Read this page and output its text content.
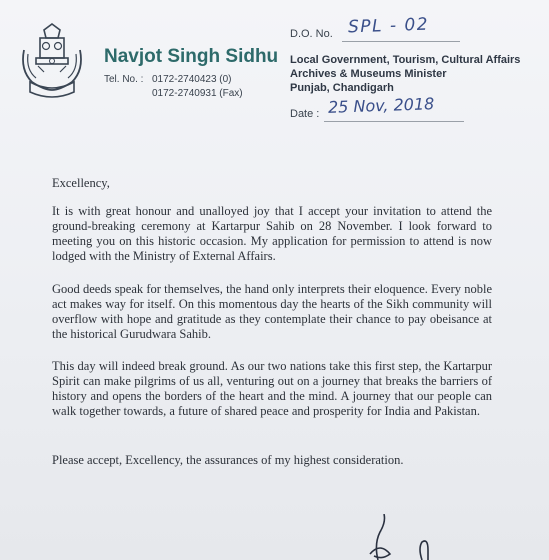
Navjot Singh Sidhu
Tel. No. : 0172-2740423 (0)
0172-2740931 (Fax)
D.O. No. SPL - 02
Local Government, Tourism, Cultural Affairs
Archives & Museums Minister
Punjab, Chandigarh
Date : 25 Nov, 2018
Excellency,

It is with great honour and unalloyed joy that I accept your invitation to attend the ground-breaking ceremony at Kartarpur Sahib on 28 November. I look forward to meeting you on this historic occasion. My application for permission to attend is now lodged with the Ministry of External Affairs.

Good deeds speak for themselves, the hand only interprets their eloquence. Every noble act makes way for itself. On this momentous day the hearts of the Sikh community will overflow with hope and gratitude as they contemplate their chance to pay obeisance at the historical Gurudwara Sahib.

This day will indeed break ground. As our two nations take this first step, the Kartarpur Spirit can make pilgrims of us all, venturing out on a journey that breaks the barriers of history and opens the borders of the heart and the mind. A journey that our people can walk together towards, a future of shared peace and prosperity for India and Pakistan.

Please accept, Excellency, the assurances of my highest consideration.
